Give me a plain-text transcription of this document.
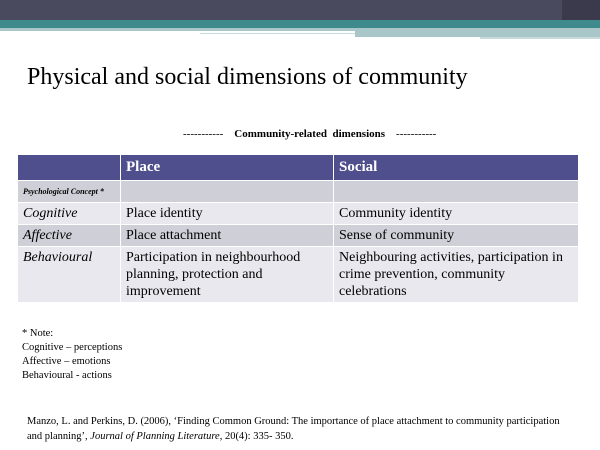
Physical and social dimensions of community
----------- Community-related  dimensions -----------
	Place	Social
Psychological Concept *		
Cognitive	Place identity	Community identity
Affective	Place attachment	Sense of community
Behavioural	Participation in neighbourhood planning, protection and improvement	Neighbouring activities, participation in crime prevention, community celebrations
* Note:
Cognitive – perceptions
Affective – emotions
Behavioural - actions
Manzo, L. and Perkins, D. (2006), ‘Finding Common Ground: The importance of place attachment to community participation and planning’, Journal of Planning Literature, 20(4): 335- 350.
